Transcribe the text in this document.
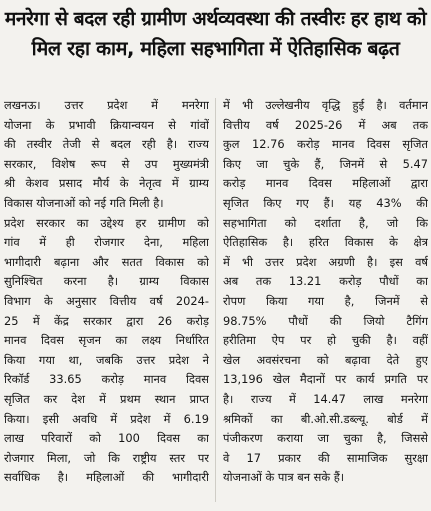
मनरेगा से बदल रही ग्रामीण अर्थव्यवस्था की तस्वीरः हर हाथ को
मिल रहा काम, महिला सहभागिता में ऐतिहासिक बढ़त
लखनऊ। उत्तर प्रदेश में मनरेगा
योजना के प्रभावी क्रियान्वयन से गांवों
की तस्वीर तेजी से बदल रही है। राज्य
सरकार, विशेष रूप से उप मुख्यमंत्री
श्री केशव प्रसाद मौर्य के नेतृत्व में ग्राम्य
विकास योजनाओं को नई गति मिली है।
प्रदेश सरकार का उद्देश्य हर ग्रामीण को
गांव में ही रोजगार देना, महिला
भागीदारी बढ़ाना और सतत विकास को
सुनिश्चित करना है। ग्राम्य विकास
विभाग के अनुसार वित्तीय वर्ष 2024-
25 में केंद्र सरकार द्वारा 26 करोड़
मानव दिवस सृजन का लक्ष्य निर्धारित
किया गया था, जबकि उत्तर प्रदेश ने
रिकॉर्ड 33.65 करोड़ मानव दिवस
सृजित कर देश में प्रथम स्थान प्राप्त
किया। इसी अवधि में प्रदेश में 6.19
लाख परिवारों को 100 दिवस का
रोजगार मिला, जो कि राष्ट्रीय स्तर पर
सर्वाधिक है। महिलाओं की भागीदारी
में भी उल्लेखनीय वृद्धि हुई है। वर्तमान
वित्तीय वर्ष 2025-26 में अब तक
कुल 12.76 करोड़ मानव दिवस सृजित
किए जा चुके हैं, जिनमें से 5.47
करोड़ मानव दिवस महिलाओं द्वारा
सृजित किए गए हैं। यह 43% की
सहभागिता को दर्शाता है, जो कि
ऐतिहासिक है। हरित विकास के क्षेत्र
में भी उत्तर प्रदेश अग्रणी है। इस वर्ष
अब तक 13.21 करोड़ पौधों का
रोपण किया गया है, जिनमें से
98.75% पौधों की जियो टैगिंग
हरीतिमा ऐप पर हो चुकी है। वहीं
खेल अवसंरचना को बढ़ावा देते हुए
13,196 खेल मैदानों पर कार्य प्रगति पर
है। राज्य में 14.47 लाख मनरेगा
श्रमिकों का बी.ओ.सी.डब्ल्यू. बोर्ड में
पंजीकरण कराया जा चुका है, जिससे
वे 17 प्रकार की सामाजिक सुरक्षा
योजनाओं के पात्र बन सके हैं।
